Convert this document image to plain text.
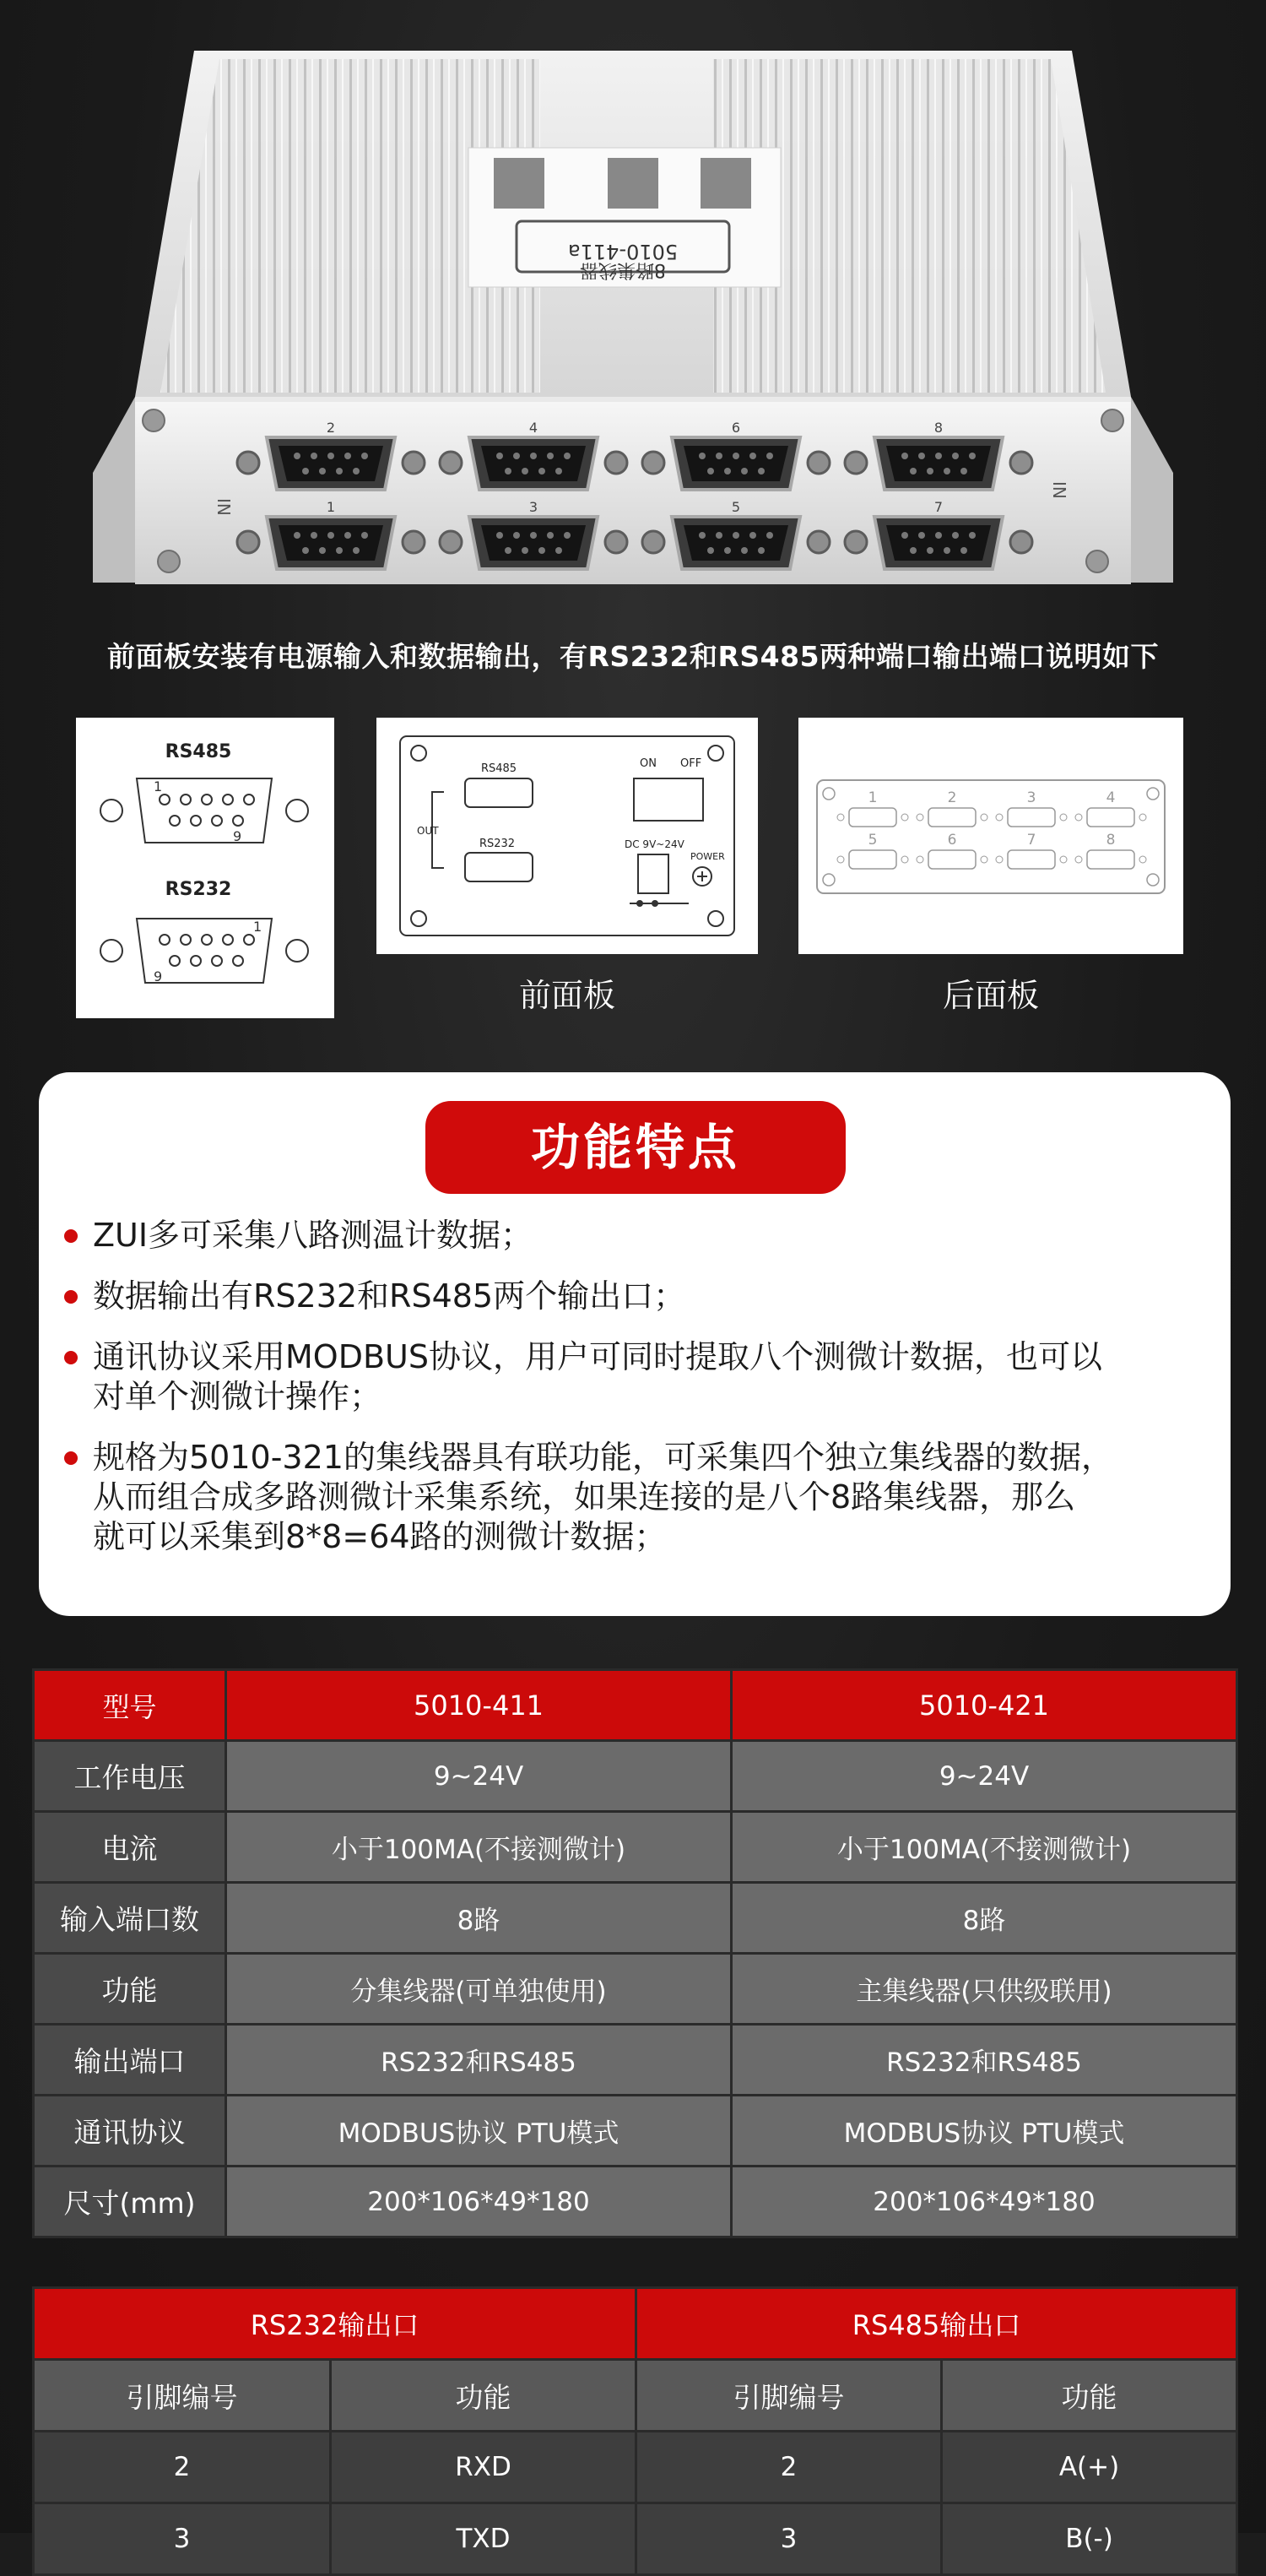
5010-411a
8路集线器
IN
IN
2	4	6	8
1	3	5	7
前面板安装有电源输入和数据输出，有RS232和RS485两种端口输出端口说明如下
RS485
1
9
RS232
1
9
RS485
RS232
OUT
ON OFF
DC 9V~24V
POWER
前面板
1	2	3	4
5	6	7	8
后面板
功能特点
ZUI多可采集八路测温计数据；
数据输出有RS232和RS485两个输出口；
通讯协议采用MODBUS协议，用户可同时提取八个测微计数据，也可以
对单个测微计操作；
规格为5010-321的集线器具有联功能，可采集四个独立集线器的数据，
从而组合成多路测微计采集系统，如果连接的是八个8路集线器，那么
就可以采集到8*8=64路的测微计数据；
型号	5010-411	5010-421
工作电压	9~24V	9~24V
电流	小于100MA(不接测微计)	小于100MA(不接测微计)
输入端口数	8路	8路
功能	分集线器(可单独使用)	主集线器(只供级联用)
输出端口	RS232和RS485	RS232和RS485
通讯协议	MODBUS协议 PTU模式	MODBUS协议 PTU模式
尺寸(mm)	200*106*49*180	200*106*49*180
RS232输出口		RS485输出口	
引脚编号	功能	引脚编号	功能
2	RXD	2	A(+)
3	TXD	3	B(-)
